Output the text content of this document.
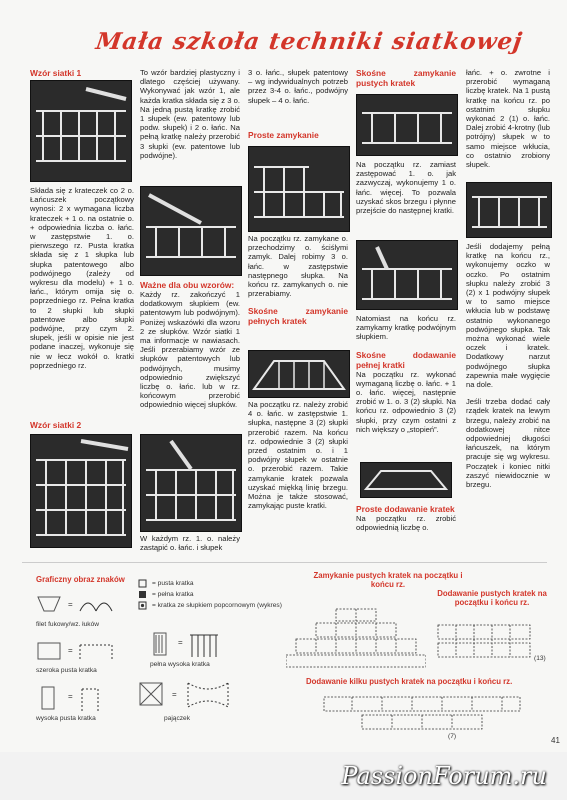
Mała szkoła techniki siatkowej

Wzór siatki 1

Składa się z krateczek co 2 o. Łańcuszek początkowy wynosi: 2 x wymagana liczba krateczek + 1 o. na ostatnie o. + odpowiednia liczba o. łańc. w zastępstwie 1. o. pierwszego rz. Pusta kratka składa się z 1 słupka lub słupka patentowego albo podwójnego (zależy od wykresu dla modelu) + 1 o. łańc., którym omija się o. poprzedniego rz. Pełna kratka to 2 słupki lub słupki patentowe albo słupki podwójne, przy czym 2. słupek, jeśli w opisie nie jest podane inaczej, wykonuje się nie w łecz wokół o. kratki poprzedniego rz.

Wzór siatki 2

To wzór bardziej plastyczny i dlatego częściej używany. Wykonywać jak wzór 1, ale każda kratka składa się z 3 o. Na jedną pustą kratkę zrobić 1 słupek (ew. patentowy lub podw. słupek) i 2 o. łańc. Na pełną kratkę należy przerobić 3 słupki (ew. patentowe lub podwójne).

Ważne dla obu wzorów:

Każdy rz. zakończyć 1 dodatkowym słupkiem (ew. patentowym lub podwójnym). Poniżej wskazówki dla wzoru 2 ze słupków. Wzór siatki 1 ma informacje w nawiasach. Jeśli przerabiamy wzór ze słupków patentowych lub podwójnych, musimy odpowiednio zwiększyć liczbę o. łańc. lub w rz. końcowym przerobić odpowiednio więcej słupków.

W każdym rz. 1. o. należy zastąpić o. łańc. i słupek

3 o. łańc., słupek patentowy – wg indywidualnych potrzeb przez 3-4 o. łańc., podwójny słupek – 4 o. łańc.

Proste zamykanie

Na początku rz. zamykane o. przechodzimy o. ściślymi zamyk. Dalej robimy 3 o. łańc. w zastępstwie następnego słupka. Na końcu rz. zamykanych o. nie przerabiamy.

Skośne zamykanie pełnych kratek

Na początku rz. należy zrobić 4 o. łańc. w zastępstwie 1. słupka, następne 3 (2) słupki przerobić razem. Na końcu rz. odpowiednie 3 (2) słupki przed ostatnim o. i 1 podwójny słupek w ostatnie o. przerobić razem. Takie zamykanie kratek pozwala uzyskać miękką linię brzegu. Można je także stosować, zamykając puste kratki.

Skośne zamykanie pustych kratek

Na początku rz. zamiast zastępować 1. o. jak zazwyczaj, wykonujemy 1 o. łańc. więcej. To pozwala uzyskać skos brzegu i płynne przejście do następnej kratki.

Natomiast na końcu rz. zamykamy kratkę podwójnym słupkiem.

Skośne dodawanie pełnej kratki

Na początku rz. wykonać wymaganą liczbę o. łańc. + 1 o. łańc. więcej, następnie zrobić w 1. o. 3 (2) słupki. Na końcu rz. odpowiednio 3 (2) słupki, przy czym ostatni z nich większy o „stopień”.

Proste dodawanie kratek

Na początku rz. zrobić odpowiednią liczbę o.

łańc. + o. zwrotne i przerobić wymaganą liczbę kratek. Na 1 pustą kratkę na końcu rz. po ostatnim słupku wykonać 2 (1) o. łańc. Dalej zrobić 4-krotny (lub potrójny) słupek w to samo miejsce wkłucia, co ostatnio zrobiony słupek.

Jeśli dodajemy pełną kratkę na końcu rz., wykonujemy oczko w oczko. Po ostatnim słupku należy zrobić 3 (2) x 1 podwójny słupek w to samo miejsce wkłucia lub w podstawę ostatnio wykonanego podwójnego słupka. Tak można wykonać wiele oczek i kratek. Dodatkowy narzut podwójnego słupka zapewnia małe wygięcie na dole.

Jeśli trzeba dodać cały rządek kratek na lewym brzegu, należy zrobić na dodatkowej nitce odpowiedniej długości łańcuszek, na którym pracuje się wg wykresu. Początek i koniec nitki zaszyć niewidocznie w brzegu.

Graficzny obraz znaków
=
filet fukowy/wz. łuków
=
szeroka pusta kratka
=
wysoka pusta kratka
= pusta kratka
= pełna kratka
= kratka ze słupkiem popcornowym (wykres)
=
pełna wysoka kratka
=
pajączek
Zamykanie pustych kratek na początku i końcu rz.
Dodawanie pustych kratek na początku i końcu rz.
(13)
Dodawanie kilku pustych kratek na początku i końcu rz.
(7)	41
PassionForum.ru
